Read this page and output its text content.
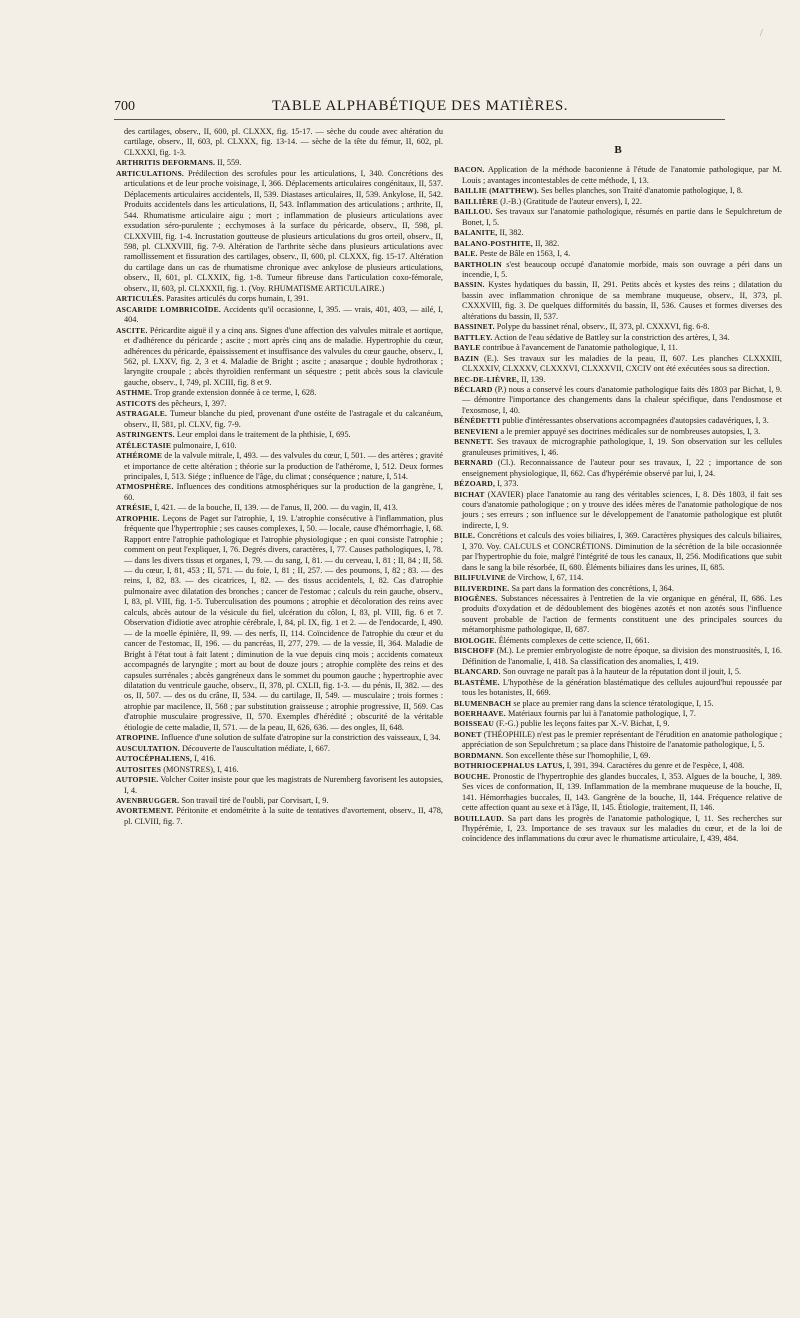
/
700	TABLE ALPHABÉTIQUE DES MATIÈRES.

des cartilages, observ., II, 600, pl. CLXXX, fig. 15-17. — sèche du coude avec altération du cartilage, observ., II, 603, pl. CLXXX, fig. 13-14. — sèche de la tête du fémur, II, 602, pl. CLXXXI, fig. 1-3.

ARTHRITIS DEFORMANS. II, 559.

ARTICULATIONS. Prédilection des scrofules pour les articulations, I, 340. Concrétions des articulations et de leur proche voisinage, I, 366. Déplacements articulaires congénitaux, II, 537. Déplacements articulaires accidentels, II, 539. Diastases articulaires, II, 539. Ankylose, II, 542. Produits accidentels dans les articulations, II, 543. Inflammation des articulations ; arthrite, II, 544. Rhumatisme articulaire aigu ; mort ; inflammation de plusieurs articulations avec exsudation séro-purulente ; ecchymoses à la surface du péricarde, observ., II, 598, pl. CLXXVIII, fig. 1-4. Incrustation goutteuse de plusieurs articulations du gros orteil, observ., II, 598, pl. CLXXVIII, fig. 7-9. Altération de l'arthrite sèche dans plusieurs articulations avec ramollissement et fissuration des cartilages, observ., II, 600, pl. CLXXX, fig. 15-17. Altération du cartilage dans un cas de rhumatisme chronique avec ankylose de plusieurs articulations, observ., II, 601, pl. CLXXIX, fig. 1-8. Tumeur fibreuse dans l'articulation coxo-fémorale, observ., II, 603, pl. CLXXXII, fig. 1. (Voy. RHUMATISME ARTICULAIRE.)

ARTICULÉS. Parasites articulés du corps humain, I, 391.

ASCARIDE LOMBRICOÏDE. Accidents qu'il occasionne, I, 395. — vrais, 401, 403, — ailé, I, 404.

ASCITE. Péricardite aiguë il y a cinq ans. Signes d'une affection des valvules mitrale et aortique, et d'adhérence du péricarde ; ascite ; mort après cinq ans de maladie. Hypertrophie du cœur, adhérences du péricarde, épaississement et insuffisance des valvules du cœur gauche, observ., I, 562, pl. LXXV, fig. 2, 3 et 4. Maladie de Bright ; ascite ; anasarque ; double hydrothorax ; laryngite croupale ; abcès thyroïdien renfermant un séquestre ; petit abcès sous la clavicule gauche, observ., I, 749, pl. XCIII, fig. 8 et 9.

ASTHME. Trop grande extension donnée à ce terme, I, 628.

ASTICOTS des pêcheurs, I, 397.

ASTRAGALE. Tumeur blanche du pied, provenant d'une ostéite de l'astragale et du calcanéum, observ., II, 581, pl. CLXV, fig. 7-9.

ASTRINGENTS. Leur emploi dans le traitement de la phthisie, I, 695.

ATÉLECTASIE pulmonaire, I, 610.

ATHÉROME de la valvule mitrale, I, 493. — des valvules du cœur, I, 501. — des artères ; gravité et importance de cette altération ; théorie sur la production de l'athérome, I, 512. Deux formes principales, I, 513. Siége ; influence de l'âge, du climat ; conséquence ; nature, I, 514.

ATMOSPHÈRE. Influences des conditions atmosphériques sur la production de la gangrène, I, 60.

ATRÉSIE, I, 421. — de la bouche, II, 139. — de l'anus, II, 200. — du vagin, II, 413.

ATROPHIE. Leçons de Paget sur l'atrophie, I, 19. L'atrophie consécutive à l'inflammation, plus fréquente que l'hypertrophie ; ses causes complexes, I, 50. — locale, cause d'hémorrhagie, I, 68. Rapport entre l'atrophie pathologique et l'atrophie physiologique ; en quoi consiste l'atrophie ; comment on peut l'expliquer, I, 76. Degrés divers, caractères, I, 77. Causes pathologiques, I, 78. — dans les divers tissus et organes, I, 79. — du sang, I, 81. — du cerveau, I, 81 ; II, 84 ; II, 58. — du cœur, I, 81, 453 ; II, 571. — du foie, I, 81 ; II, 257. — des poumons, I, 82 ; 83. — des reins, I, 82, 83. — des cicatrices, I, 82. — des tissus accidentels, I, 82. Cas d'atrophie pulmonaire avec dilatation des bronches ; cancer de l'estomac ; calculs du rein gauche, observ., I, 83, pl. VIII, fig. 1-5. Tuberculisation des poumons ; atrophie et décoloration des reins avec calculs, abcès autour de la vésicule du fiel, ulcération du côlon, I, 83, pl. VIII, fig. 6 et 7. Observation d'idiotie avec atrophie cérébrale, I, 84, pl. IX, fig. 1 et 2. — de l'endocarde, I, 490. — de la moelle épinière, II, 99. — des nerfs, II, 114. Coïncidence de l'atrophie du cœur et du cancer de l'estomac, II, 196. — du pancréas, II, 277, 279. — de la vessie, II, 364. Maladie de Bright à l'état tout à fait latent ; diminution de la vue depuis cinq mois ; accidents comateux accompagnés de laryngite ; mort au bout de douze jours ; atrophie complète des reins et des capsules surrénales ; abcès gangréneux dans le sommet du poumon gauche ; hypertrophie avec dilatation du ventricule gauche, observ., II, 378, pl. CXLII, fig. 1-3. — du pénis, II, 382. — des os, II, 507. — des os du crâne, II, 534. — du cartilage, II, 549. — musculaire ; trois formes : atrophie par macilence, II, 568 ; par substitution graisseuse ; atrophie progressive, II, 569. Cas d'atrophie musculaire progressive, II, 570. Exemples d'hérédité ; obscurité de la véritable étiologie de cette maladie, II, 571. — de la peau, II, 626, 636. — des ongles, II, 648.

ATROPINE. Influence d'une solution de sulfate d'atropine sur la constriction des vaisseaux, I, 34.

AUSCULTATION. Découverte de l'auscultation médiate, I, 667.

AUTOCÉPHALIENS, I, 416.

AUTOSITES (MONSTRES), I, 416.

AUTOPSIE. Volcher Coiter insiste pour que les magistrats de Nuremberg favorisent les autopsies, I, 4.

AVENBRUGGER. Son travail tiré de l'oubli, par Corvisart, I, 9.

AVORTEMENT. Péritonite et endométrite à la suite de tentatives d'avortement, observ., II, 478, pl. CLVIII, fig. 7.

B

BACON. Application de la méthode baconienne à l'étude de l'anatomie pathologique, par M. Louis ; avantages incontestables de cette méthode, I, 13.

BAILLIE (MATTHEW). Ses belles planches, son Traité d'anatomie pathologique, I, 8.

BAILLIÈRE (J.-B.) (Gratitude de l'auteur envers), I, 22.

BAILLOU. Ses travaux sur l'anatomie pathologique, résumés en partie dans le Sepulchretum de Bonet, I, 5.

BALANITE, II, 382.

BALANO-POSTHITE, II, 382.

BALE. Peste de Bâle en 1563, I, 4.

BARTHOLIN s'est beaucoup occupé d'anatomie morbide, mais son ouvrage a péri dans un incendie, I, 5.

BASSIN. Kystes hydatiques du bassin, II, 291. Petits abcès et kystes des reins ; dilatation du bassin avec inflammation chronique de sa membrane muqueuse, observ., II, 373, pl. CXXXVIII, fig. 3. De quelques difformités du bassin, II, 536. Causes et formes diverses des altérations du bassin, II, 537.

BASSINET. Polype du bassinet rénal, observ., II, 373, pl. CXXXVI, fig. 6-8.

BATTLEY. Action de l'eau sédative de Battley sur la constriction des artères, I, 34.

BAYLE contribue à l'avancement de l'anatomie pathologique, I, 11.

BAZIN (E.). Ses travaux sur les maladies de la peau, II, 607. Les planches CLXXXIII, CLXXXIV, CLXXXV, CLXXXVI, CLXXXVII, CXCIV ont été exécutées sous sa direction.

BEC-DE-LIÈVRE, II, 139.

BÉCLARD (P.) nous a conservé les cours d'anatomie pathologique faits dès 1803 par Bichat, I, 9. — démontre l'importance des changements dans la chaleur spécifique, dans l'endosmose et l'exosmose, I, 40.

BÉNÉDETTI publie d'intéressantes observations accompagnées d'autopsies cadavériques, I, 3.

BENEVIENI a le premier appuyé ses doctrines médicales sur de nombreuses autopsies, I, 3.

BENNETT. Ses travaux de micrographie pathologique, I, 19. Son observation sur les cellules granuleuses primitives, I, 46.

BERNARD (Cl.). Reconnaissance de l'auteur pour ses travaux, I, 22 ; importance de son enseignement physiologique, II, 662. Cas d'hypérémie observé par lui, I, 24.

BÉZOARD, I, 373.

BICHAT (XAVIER) place l'anatomie au rang des véritables sciences, I, 8. Dès 1803, il fait ses cours d'anatomie pathologique ; on y trouve des idées mères de l'anatomie pathologique de nos jours ; ses erreurs ; son influence sur le développement de l'anatomie pathologique est plutôt indirecte, I, 9.

BILE. Concrétions et calculs des voies biliaires, I, 369. Caractères physiques des calculs biliaires, I, 370. Voy. CALCULS et CONCRÉTIONS. Diminution de la sécrétion de la bile occasionnée par l'hypertrophie du foie, malgré l'intégrité de tous les canaux, II, 256. Modifications que subit dans le sang la bile résorbée, II, 680. Éléments biliaires dans les urines, II, 685.

BILIFULVINE de Virchow, I, 67, 114.

BILIVERDINE. Sa part dans la formation des concrétions, I, 364.

BIOGÈNES. Substances nécessaires à l'entretien de la vie organique en général, II, 686. Les produits d'oxydation et de dédoublement des biogènes azotés et non azotés sous l'influence souvent probable de l'action de ferments constituent une des principales sources du métamorphisme pathologique, II, 687.

BIOLOGIE. Éléments complexes de cette science, II, 661.

BISCHOFF (M.). Le premier embryologiste de notre époque, sa division des monstruosités, I, 16. Définition de l'anomalie, I, 418. Sa classification des anomalies, I, 419.

BLANCARD. Son ouvrage ne paraît pas à la hauteur de la réputation dont il jouit, I, 5.

BLASTÈME. L'hypothèse de la génération blastématique des cellules aujourd'hui repoussée par tous les botanistes, II, 669.

BLUMENBACH se place au premier rang dans la science tératologique, I, 15.

BOERHAAVE. Matériaux fournis par lui à l'anatomie pathologique, I, 7.

BOISSEAU (F.-G.) publie les leçons faites par X.-V. Bichat, I, 9.

BONET (THÉOPHILE) n'est pas le premier représentant de l'érudition en anatomie pathologique ; appréciation de son Sepulchretum ; sa place dans l'histoire de l'anatomie pathologique, I, 5.

BORDMANN. Son excellente thèse sur l'homophilie, I, 69.

BOTHRIOCEPHALUS LATUS, I, 391, 394. Caractères du genre et de l'espèce, I, 408.

BOUCHE. Pronostic de l'hypertrophie des glandes buccales, I, 353. Algues de la bouche, I, 389. Ses vices de conformation, II, 139. Inflammation de la membrane muqueuse de la bouche, II, 141. Hémorrhagies buccales, II, 143. Gangrène de la bouche, II, 144. Fréquence relative de cette affection quant au sexe et à l'âge, II, 145. Étiologie, traitement, II, 146.

BOUILLAUD. Sa part dans les progrès de l'anatomie pathologique, I, 11. Ses recherches sur l'hypérémie, I, 23. Importance de ses travaux sur les maladies du cœur, et de la loi de coïncidence des inflammations du cœur avec le rhumatisme articulaire, I, 439, 484.
